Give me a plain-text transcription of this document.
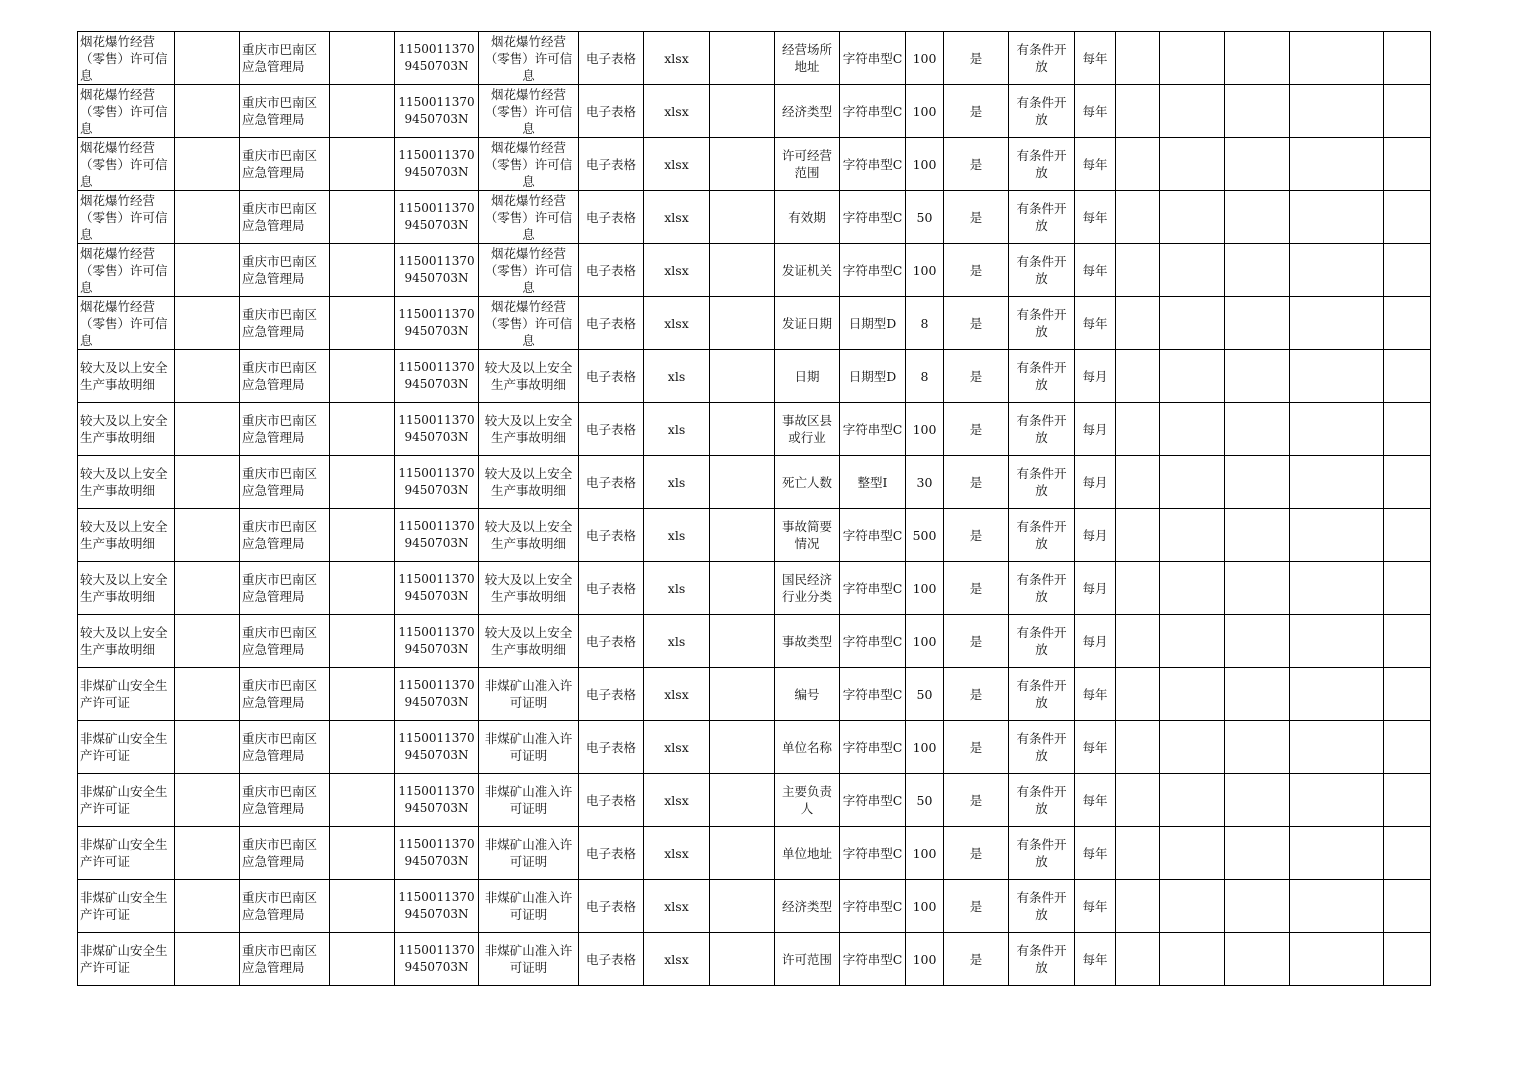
烟花爆竹经营（零售）许可信息		重庆市巴南区应急管理局		11500113709450703N	烟花爆竹经营（零售）许可信息	电子表格	xlsx		经营场所地址	字符串型C	100	是	有条件开放	每年					
烟花爆竹经营（零售）许可信息		重庆市巴南区应急管理局		11500113709450703N	烟花爆竹经营（零售）许可信息	电子表格	xlsx		经济类型	字符串型C	100	是	有条件开放	每年					
烟花爆竹经营（零售）许可信息		重庆市巴南区应急管理局		11500113709450703N	烟花爆竹经营（零售）许可信息	电子表格	xlsx		许可经营范围	字符串型C	100	是	有条件开放	每年					
烟花爆竹经营（零售）许可信息		重庆市巴南区应急管理局		11500113709450703N	烟花爆竹经营（零售）许可信息	电子表格	xlsx		有效期	字符串型C	50	是	有条件开放	每年					
烟花爆竹经营（零售）许可信息		重庆市巴南区应急管理局		11500113709450703N	烟花爆竹经营（零售）许可信息	电子表格	xlsx		发证机关	字符串型C	100	是	有条件开放	每年					
烟花爆竹经营（零售）许可信息		重庆市巴南区应急管理局		11500113709450703N	烟花爆竹经营（零售）许可信息	电子表格	xlsx		发证日期	日期型D	8	是	有条件开放	每年					
较大及以上安全生产事故明细		重庆市巴南区应急管理局		11500113709450703N	较大及以上安全生产事故明细	电子表格	xls		日期	日期型D	8	是	有条件开放	每月					
较大及以上安全生产事故明细		重庆市巴南区应急管理局		11500113709450703N	较大及以上安全生产事故明细	电子表格	xls		事故区县或行业	字符串型C	100	是	有条件开放	每月					
较大及以上安全生产事故明细		重庆市巴南区应急管理局		11500113709450703N	较大及以上安全生产事故明细	电子表格	xls		死亡人数	整型I	30	是	有条件开放	每月					
较大及以上安全生产事故明细		重庆市巴南区应急管理局		11500113709450703N	较大及以上安全生产事故明细	电子表格	xls		事故简要情况	字符串型C	500	是	有条件开放	每月					
较大及以上安全生产事故明细		重庆市巴南区应急管理局		11500113709450703N	较大及以上安全生产事故明细	电子表格	xls		国民经济行业分类	字符串型C	100	是	有条件开放	每月					
较大及以上安全生产事故明细		重庆市巴南区应急管理局		11500113709450703N	较大及以上安全生产事故明细	电子表格	xls		事故类型	字符串型C	100	是	有条件开放	每月					
非煤矿山安全生产许可证		重庆市巴南区应急管理局		11500113709450703N	非煤矿山准入许可证明	电子表格	xlsx		编号	字符串型C	50	是	有条件开放	每年					
非煤矿山安全生产许可证		重庆市巴南区应急管理局		11500113709450703N	非煤矿山准入许可证明	电子表格	xlsx		单位名称	字符串型C	100	是	有条件开放	每年					
非煤矿山安全生产许可证		重庆市巴南区应急管理局		11500113709450703N	非煤矿山准入许可证明	电子表格	xlsx		主要负责人	字符串型C	50	是	有条件开放	每年					
非煤矿山安全生产许可证		重庆市巴南区应急管理局		11500113709450703N	非煤矿山准入许可证明	电子表格	xlsx		单位地址	字符串型C	100	是	有条件开放	每年					
非煤矿山安全生产许可证		重庆市巴南区应急管理局		11500113709450703N	非煤矿山准入许可证明	电子表格	xlsx		经济类型	字符串型C	100	是	有条件开放	每年					
非煤矿山安全生产许可证		重庆市巴南区应急管理局		11500113709450703N	非煤矿山准入许可证明	电子表格	xlsx		许可范围	字符串型C	100	是	有条件开放	每年					
